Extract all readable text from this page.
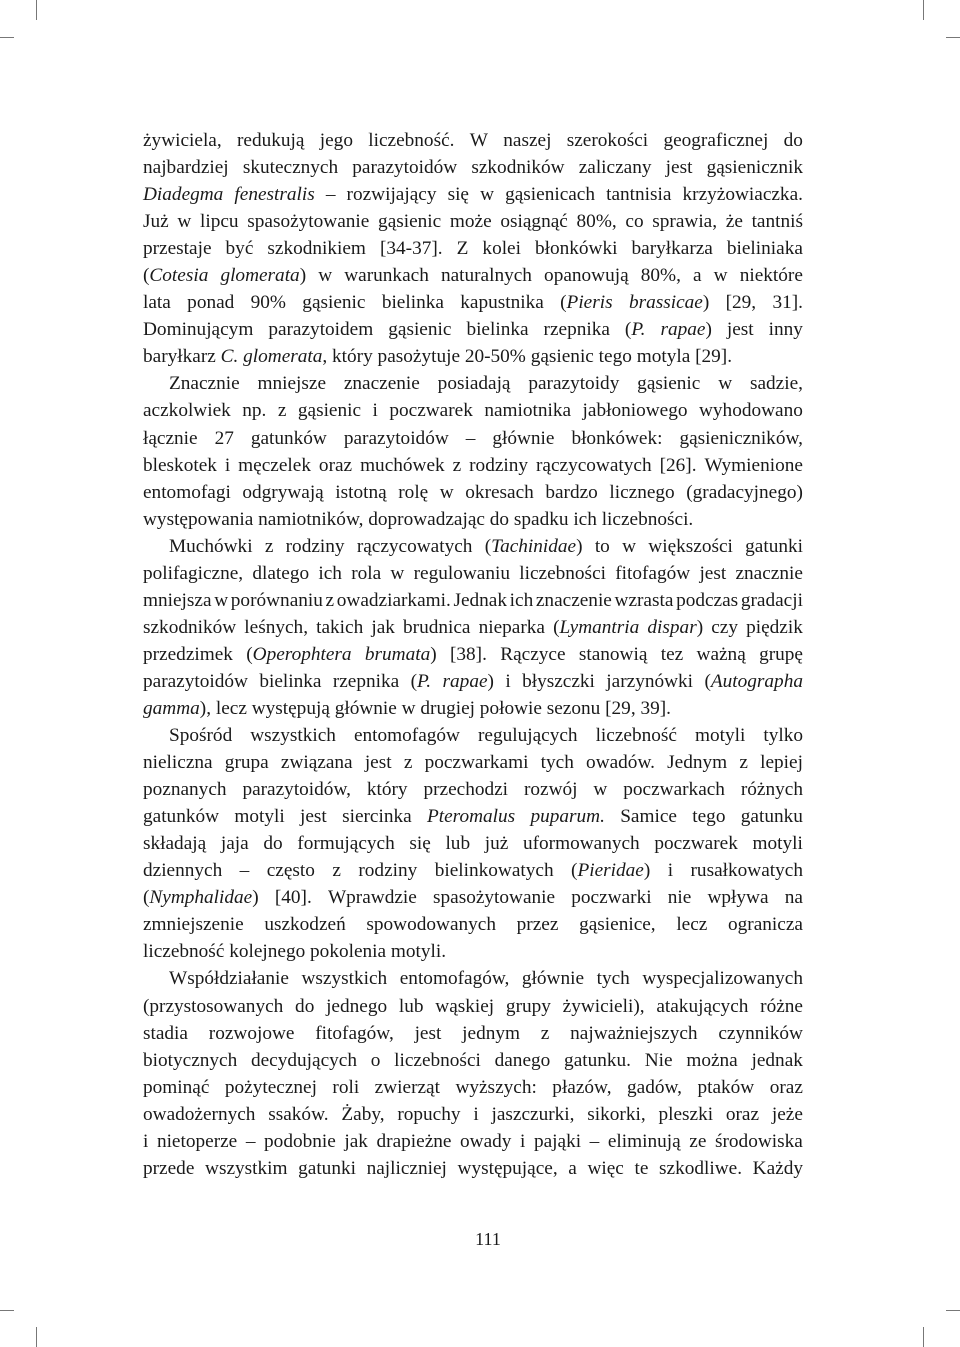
żywiciela, redukują jego liczebność. W naszej szerokości geograficznej do
najbardziej skutecznych parazytoidów szkodników zaliczany jest gąsienicznik
Diadegma fenestralis – rozwijający się w gąsienicach tantnisia krzyżowiaczka.
Już w lipcu spasożytowanie gąsienic może osiągnąć 80%, co sprawia, że tantniś
przestaje być szkodnikiem [34-37]. Z kolei błonkówki baryłkarza bieliniaka
(Cotesia glomerata) w warunkach naturalnych opanowują 80%, a w niektóre
lata ponad 90% gąsienic bielinka kapustnika (Pieris brassicae) [29, 31].
Dominującym parazytoidem gąsienic bielinka rzepnika (P. rapae) jest inny
baryłkarz C. glomerata, który pasożytuje 20-50% gąsienic tego motyla [29].
Znacznie mniejsze znaczenie posiadają parazytoidy gąsienic w sadzie,
aczkolwiek np. z gąsienic i poczwarek namiotnika jabłoniowego wyhodowano
łącznie 27 gatunków parazytoidów – głównie błonkówek: gąsieniczników,
bleskotek i męczelek oraz muchówek z rodziny rączycowatych [26]. Wymienione
entomofagi odgrywają istotną rolę w okresach bardzo licznego (gradacyjnego)
występowania namiotników, doprowadzając do spadku ich liczebności.
Muchówki z rodziny rączycowatych (Tachinidae) to w większości gatunki
polifagiczne, dlatego ich rola w regulowaniu liczebności fitofagów jest znacznie
mniejsza w porównaniu z owadziarkami. Jednak ich znaczenie wzrasta podczas gradacji
szkodników leśnych, takich jak brudnica nieparka (Lymantria dispar) czy piędzik
przedzimek (Operophtera brumata) [38]. Rączyce stanowią tez ważną grupę
parazytoidów bielinka rzepnika (P. rapae) i błyszczki jarzynówki (Autographa
gamma), lecz występują głównie w drugiej połowie sezonu [29, 39].
Spośród wszystkich entomofagów regulujących liczebność motyli tylko
nieliczna grupa związana jest z poczwarkami tych owadów. Jednym z lepiej
poznanych parazytoidów, który przechodzi rozwój w poczwarkach różnych
gatunków motyli jest siercinka Pteromalus puparum. Samice tego gatunku
składają jaja do formujących się lub już uformowanych poczwarek motyli
dziennych – często z rodziny bielinkowatych (Pieridae) i rusałkowatych
(Nymphalidae) [40]. Wprawdzie spasożytowanie poczwarki nie wpływa na
zmniejszenie uszkodzeń spowodowanych przez gąsienice, lecz ogranicza
liczebność kolejnego pokolenia motyli.
Współdziałanie wszystkich entomofagów, głównie tych wyspecjalizowanych
(przystosowanych do jednego lub wąskiej grupy żywicieli), atakujących różne
stadia rozwojowe fitofagów, jest jednym z najważniejszych czynników
biotycznych decydujących o liczebności danego gatunku. Nie można jednak
pominąć pożytecznej roli zwierząt wyższych: płazów, gadów, ptaków oraz
owadożernych ssaków. Żaby, ropuchy i jaszczurki, sikorki, pleszki oraz jeże
i nietoperze – podobnie jak drapieżne owady i pająki – eliminują ze środowiska
przede wszystkim gatunki najliczniej występujące, a więc te szkodliwe. Każdy
111
